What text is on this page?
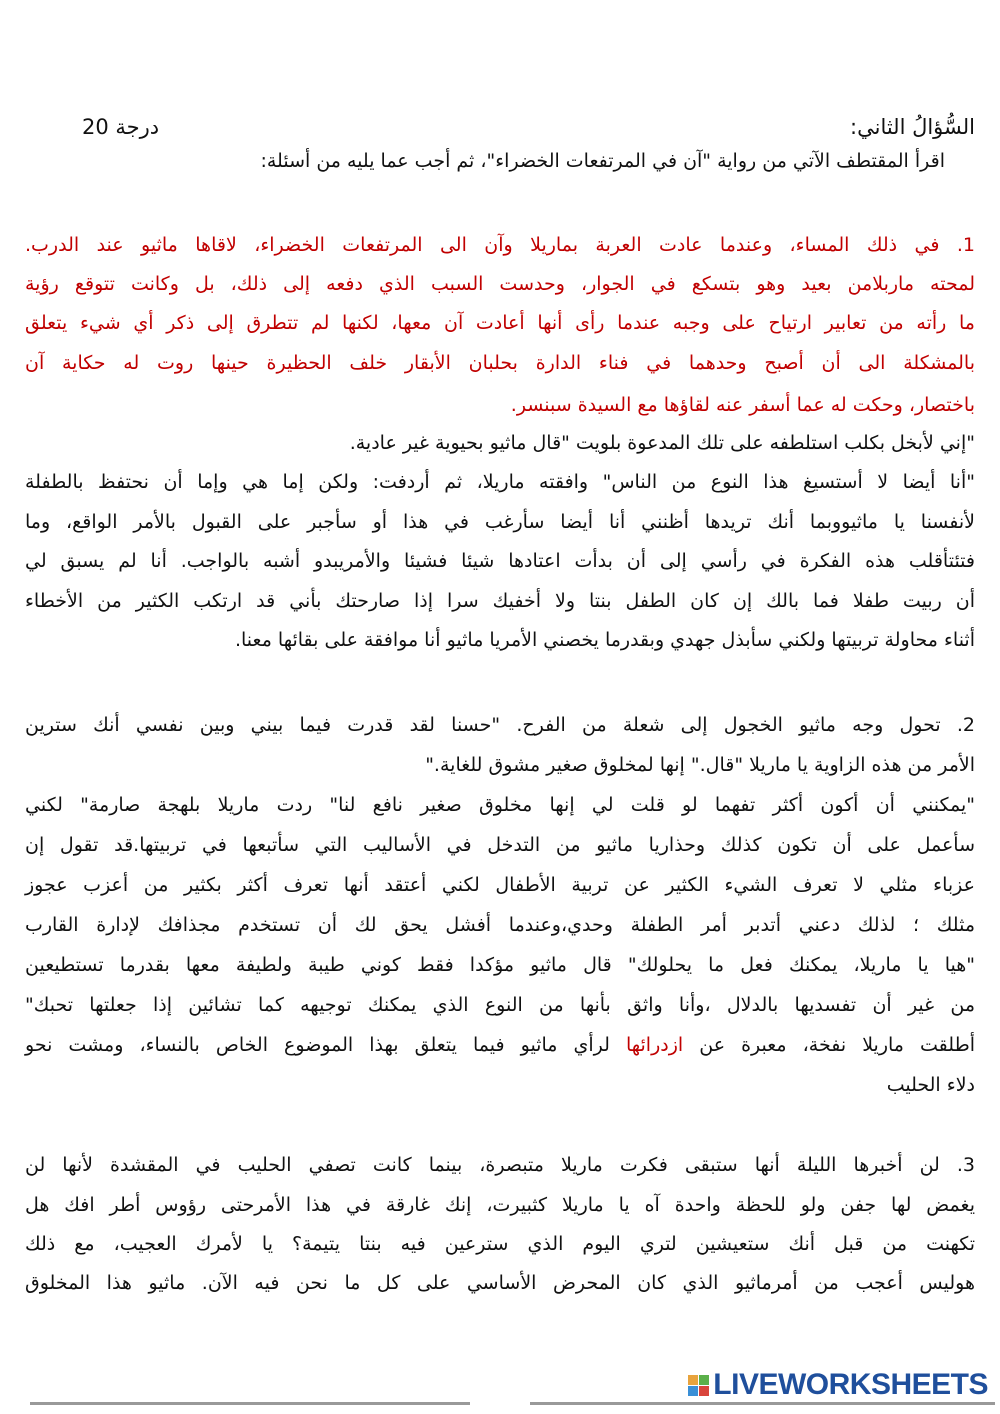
السُّؤالُ الثاني:
درجة 20
اقرأ المقتطف الآتي من رواية "آن في المرتفعات الخضراء"، ثم أجب عما يليه من أسئلة:
1. في ذلك المساء، وعندما عادت العربة بماريلا وآن الى المرتفعات الخضراء، لاقاها ماثيو عند الدرب.
لمحته ماربلامن بعيد وهو بتسكع في الجوار، وحدست السبب الذي دفعه إلى ذلك، بل وكانت تتوقع رؤية
ما رأته من تعابير ارتياح على وجبه عندما رأى أنها أعادت آن معها، لكنها لم تتطرق إلى ذكر أي شيء يتعلق
بالمشكلة الى أن أصبح وحدهما في فناء الدارة بحلبان الأبقار خلف الحظيرة حينها روت له حكاية آن
باختصار، وحكت له عما أسفر عنه لقاؤها مع السيدة سبنسر.
"إني لأبخل بكلب استلطفه على تلك المدعوة بلويت "قال ماثيو بحيوية غير عادية.
"أنا أيضا لا أستسيغ هذا النوع من الناس" وافقته ماريلا، ثم أردفت: ولكن إما هي وإما أن نحتفظ بالطفلة
لأنفسنا يا ماثيووبما أنك تريدها أظنني أنا أيضا سأرغب في هذا أو سأجبر على القبول بالأمر الواقع، وما
فتئتأقلب هذه الفكرة في رأسي إلى أن بدأت اعتادها شيئا فشيئا والأمريبدو أشبه بالواجب. أنا لم يسبق لي
أن ربيت طفلا فما بالك إن كان الطفل بنتا ولا أخفيك سرا إذا صارحتك بأني قد ارتكب الكثير من الأخطاء
أثناء محاولة تربيتها ولكني سأبذل جهدي وبقدرما يخصني الأمريا ماثيو أنا موافقة على بقائها معنا.
2. تحول وجه ماثيو الخجول إلى شعلة من الفرح. "حسنا لقد قدرت فيما بيني وبين نفسي أنك سترين
الأمر من هذه الزاوية يا ماريلا "قال." إنها لمخلوق صغير مشوق للغاية."
"يمكنني أن أكون أكثر تفهما لو قلت لي إنها مخلوق صغير نافع لنا" ردت ماريلا بلهجة صارمة" لكني
سأعمل على أن تكون كذلك وحذاريا ماثيو من التدخل في الأساليب التي سأتبعها في تربيتها.قد تقول إن
عزباء مثلي لا تعرف الشيء الكثير عن تربية الأطفال لكني أعتقد أنها تعرف أكثر بكثير من أعزب عجوز
مثلك ؛ لذلك دعني أتدبر أمر الطفلة وحدي،وعندما أفشل يحق لك أن تستخدم مجذافك لإدارة القارب
"هيا يا ماريلا، يمكنك فعل ما يحلولك" قال ماثيو مؤكدا فقط كوني طيبة ولطيفة معها بقدرما تستطيعين
من غير أن تفسديها بالدلال ،وأنا واثق بأنها من النوع الذي يمكنك توجيهه كما تشائين إذا جعلتها تحبك"
أطلقت ماريلا نفخة، معبرة عن ازدرائها لرأي ماثيو فيما يتعلق بهذا الموضوع الخاص بالنساء، ومشت نحو
دلاء الحليب
3. لن أخبرها الليلة أنها ستبقى فكرت ماريلا متبصرة، بينما كانت تصفي الحليب في المقشدة لأنها لن
يغمض لها جفن ولو للحظة واحدة آه يا ماريلا كثبيرت، إنك غارقة في هذا الأمرحتى رؤوس أطر افك هل
تكهنت من قبل أنك ستعيشين لتري اليوم الذي سترعين فيه بنتا يتيمة؟ يا لأمرك العجيب، مع ذلك
هوليس أعجب من أمرماثيو الذي كان المحرض الأساسي على كل ما نحن فيه الآن. ماثيو هذا المخلوق
LIVEWORKSHEETS
